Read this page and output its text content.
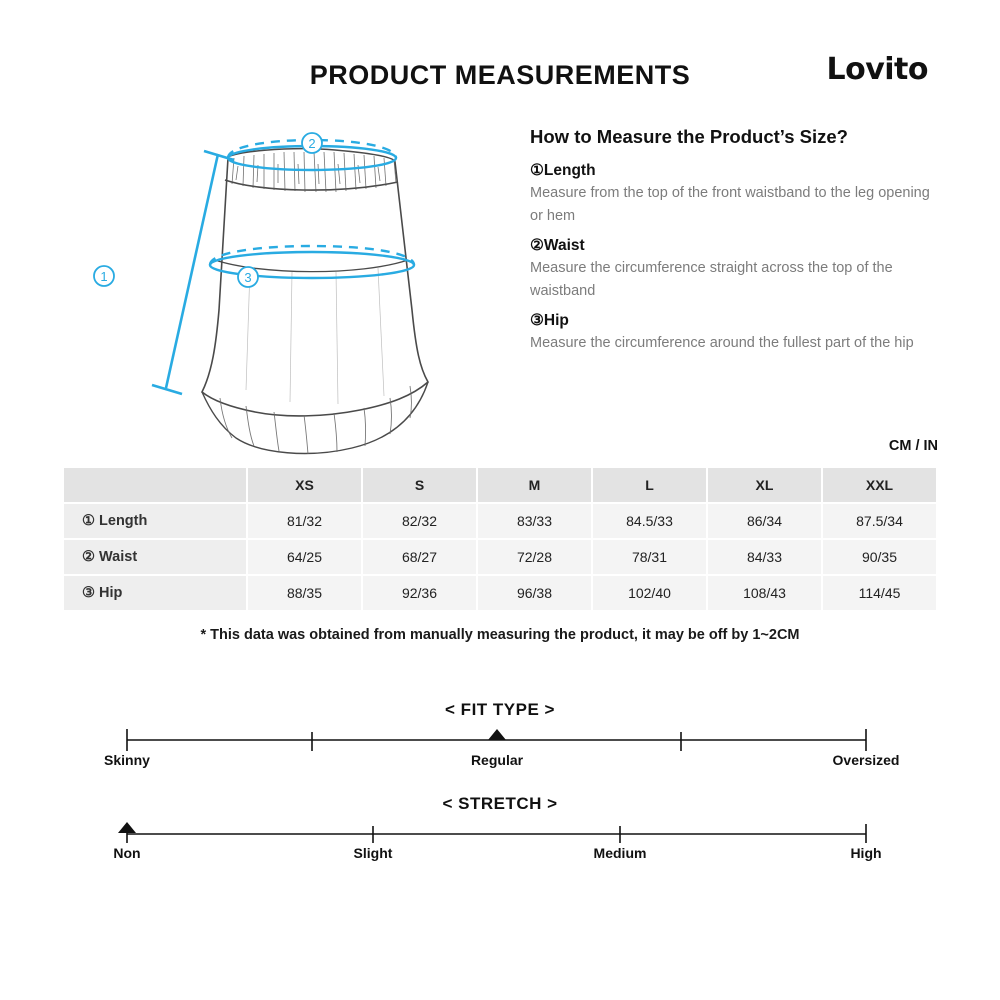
PRODUCT MEASUREMENTS	Lovito
2
3
1
How to Measure the Product’s Size?
①Length
Measure from the top of the front waistband to the leg opening or hem
②Waist
Measure the circumference straight across the top of the waistband
③Hip
Measure the circumference around the fullest part of the hip
CM / IN
	XS	S	M	L	XL	XXL
① Length	81/32	82/32	83/33	84.5/33	86/34	87.5/34
② Waist	64/25	68/27	72/28	78/31	84/33	90/35
③ Hip	88/35	92/36	96/38	102/40	108/43	114/45
* This data was obtained from manually measuring the product, it may be off by 1~2CM
< FIT TYPE >
Skinny	Regular	Oversized
< STRETCH >
Non	Slight	Medium	High
